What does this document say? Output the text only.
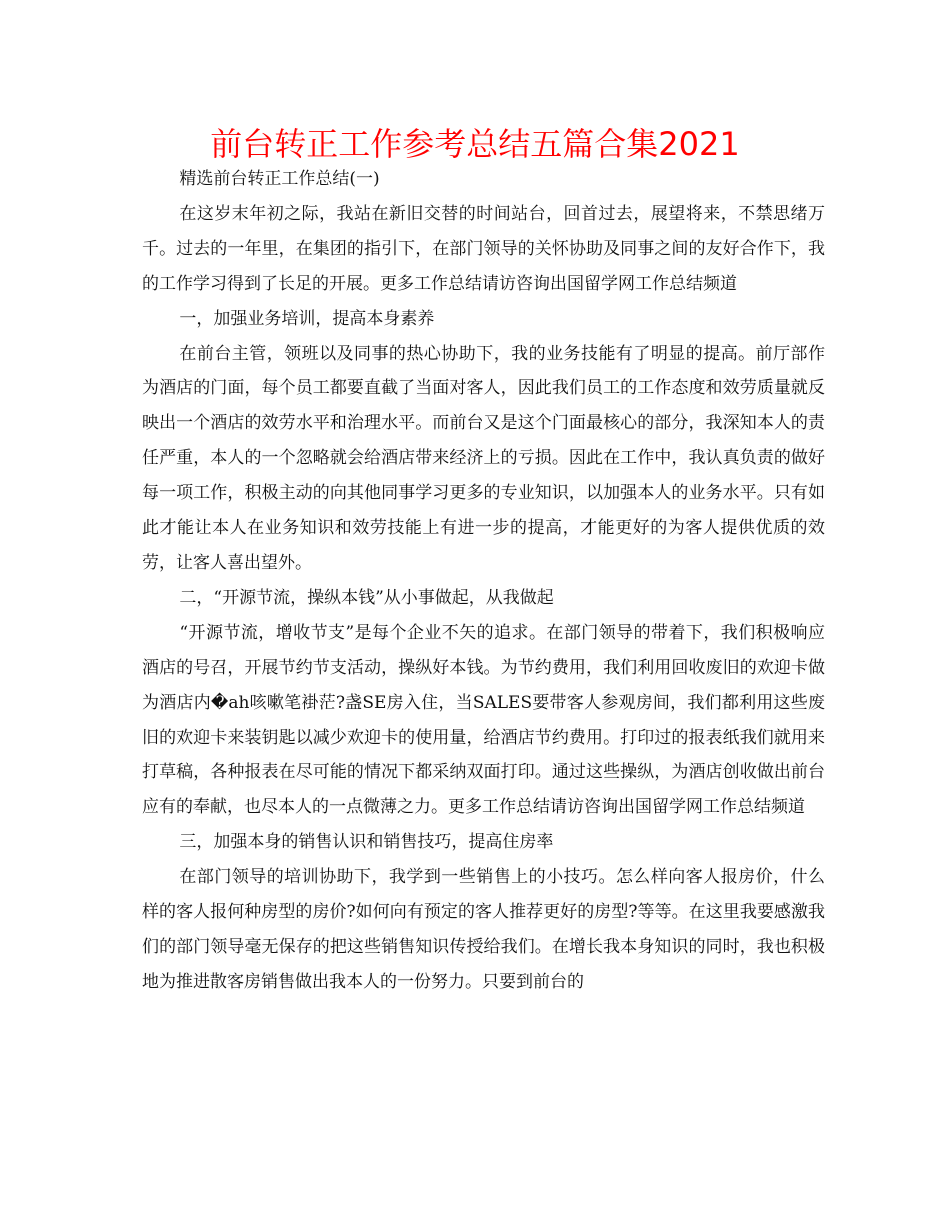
前台转正工作参考总结五篇合集2021

精选前台转正工作总结(一)

在这岁末年初之际，我站在新旧交替的时间站台，回首过去，展望将来，不禁思绪万千。过去的一年里，在集团的指引下，在部门领导的关怀协助及同事之间的友好合作下，我的工作学习得到了长足的开展。更多工作总结请访咨询出国留学网工作总结频道

一，加强业务培训，提高本身素养

在前台主管，领班以及同事的热心协助下，我的业务技能有了明显的提高。前厅部作为酒店的门面，每个员工都要直截了当面对客人，因此我们员工的工作态度和效劳质量就反映出一个酒店的效劳水平和治理水平。而前台又是这个门面最核心的部分，我深知本人的责任严重，本人的一个忽略就会给酒店带来经济上的亏损。因此在工作中，我认真负责的做好每一项工作，积极主动的向其他同事学习更多的专业知识，以加强本人的业务水平。只有如此才能让本人在业务知识和效劳技能上有进一步的提高，才能更好的为客人提供优质的效劳，让客人喜出望外。

二，“开源节流，操纵本钱”从小事做起，从我做起

“开源节流，增收节支”是每个企业不矢的追求。在部门领导的带着下，我们积极响应酒店的号召，开展节约节支活动，操纵好本钱。为节约费用，我们利用回收废旧的欢迎卡做为酒店内�ah咳嗽笔褂茫?盏SE房入住，当SALES要带客人参观房间，我们都利用这些废旧的欢迎卡来装钥匙以减少欢迎卡的使用量，给酒店节约费用。打印过的报表纸我们就用来打草稿，各种报表在尽可能的情况下都采纳双面打印。通过这些操纵，为酒店创收做出前台应有的奉献，也尽本人的一点微薄之力。更多工作总结请访咨询出国留学网工作总结频道

三，加强本身的销售认识和销售技巧，提高住房率

在部门领导的培训协助下，我学到一些销售上的小技巧。怎么样向客人报房价，什么样的客人报何种房型的房价?如何向有预定的客人推荐更好的房型?等等。在这里我要感激我们的部门领导毫无保存的把这些销售知识传授给我们。在增长我本身知识的同时，我也积极地为推进散客房销售做出我本人的一份努力。只要到前台的
